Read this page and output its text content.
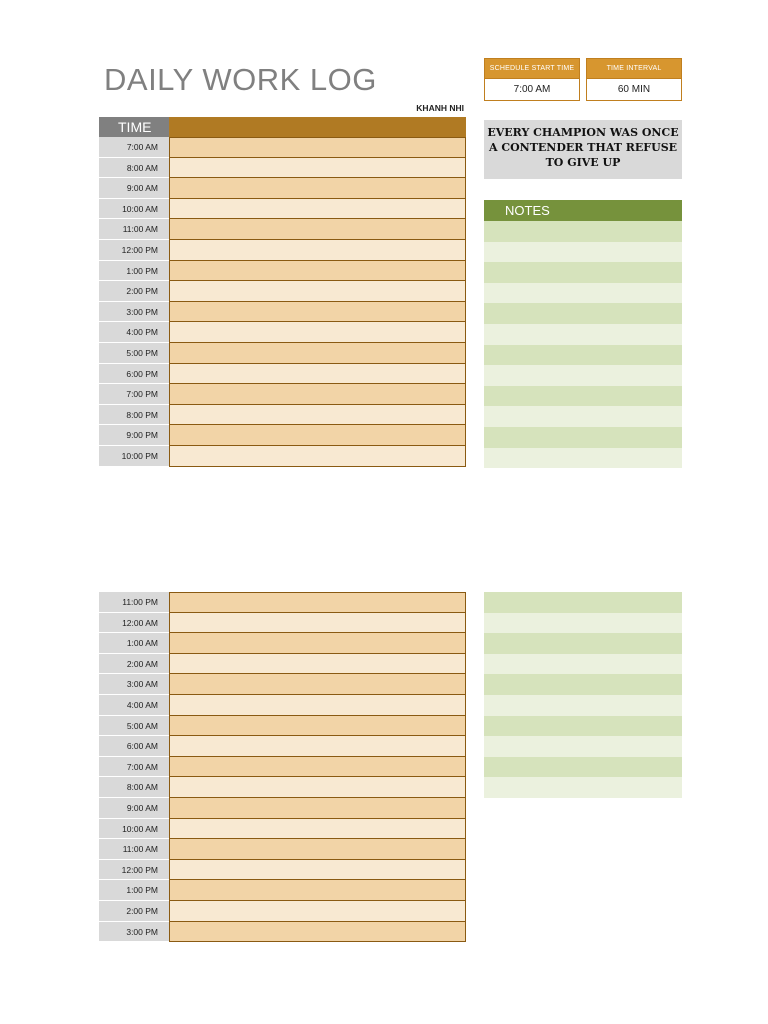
DAILY WORK LOG
KHANH NHI
SCHEDULE START TIME
7:00 AM
TIME INTERVAL
60 MIN
EVERY CHAMPION WAS ONCE A CONTENDER THAT REFUSE TO GIVE UP
TIME
7:00 AM
8:00 AM
9:00 AM
10:00 AM
11:00 AM
12:00 PM
1:00 PM
2:00 PM
3:00 PM
4:00 PM
5:00 PM
6:00 PM
7:00 PM
8:00 PM
9:00 PM
10:00 PM
NOTES
11:00 PM
12:00 AM
1:00 AM
2:00 AM
3:00 AM
4:00 AM
5:00 AM
6:00 AM
7:00 AM
8:00 AM
9:00 AM
10:00 AM
11:00 AM
12:00 PM
1:00 PM
2:00 PM
3:00 PM
